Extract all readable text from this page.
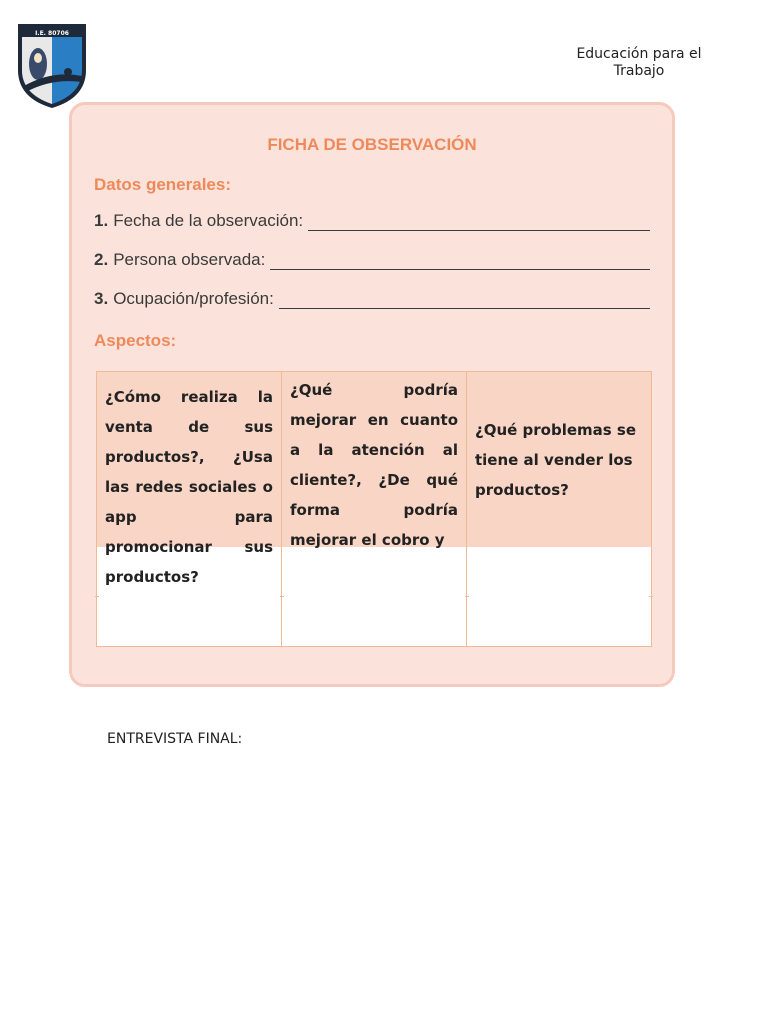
I.E. 80706
Educación para el Trabajo
FICHA DE OBSERVACIÓN
Datos generales:
1. Fecha de la observación:
2. Persona observada:
3. Ocupación/profesión:
Aspectos:
¿Cómo realiza la venta de sus productos?, ¿Usa las redes sociales o app para promocionar sus productos?
¿Qué podría mejorar en cuanto a la atención al cliente?, ¿De qué forma podría mejorar el cobro y
¿Qué problemas se tiene al vender los productos?
ENTREVISTA FINAL:
